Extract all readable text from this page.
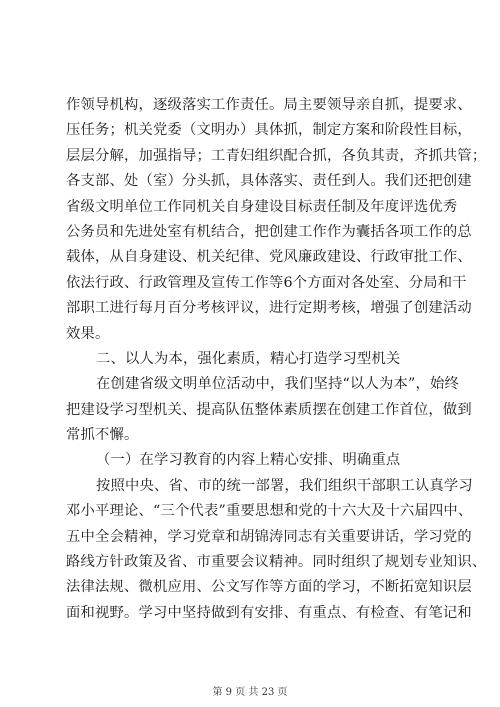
作领导机构，逐级落实工作责任。局主要领导亲自抓，提要求、
压任务；机关党委（文明办）具体抓，制定方案和阶段性目标，
层层分解，加强指导；工青妇组织配合抓，各负其责，齐抓共管；
各支部、处（室）分头抓，具体落实、责任到人。我们还把创建
省级文明单位工作同机关自身建设目标责任制及年度评选优秀
公务员和先进处室有机结合，把创建工作作为囊括各项工作的总
载体，从自身建设、机关纪律、党风廉政建设、行政审批工作、
依法行政、行政管理及宣传工作等6个方面对各处室、分局和干
部职工进行每月百分考核评议，进行定期考核，增强了创建活动
效果。
二、以人为本，强化素质，精心打造学习型机关
在创建省级文明单位活动中，我们坚持“以人为本”，始终
把建设学习型机关、提高队伍整体素质摆在创建工作首位，做到
常抓不懈。
（一）在学习教育的内容上精心安排、明确重点
按照中央、省、市的统一部署，我们组织干部职工认真学习
邓小平理论、“三个代表”重要思想和党的十六大及十六届四中、
五中全会精神，学习党章和胡锦涛同志有关重要讲话，学习党的
路线方针政策及省、市重要会议精神。同时组织了规划专业知识、
法律法规、微机应用、公文写作等方面的学习，不断拓宽知识层
面和视野。学习中坚持做到有安排、有重点、有检查、有笔记和
第 9 页 共 23 页
